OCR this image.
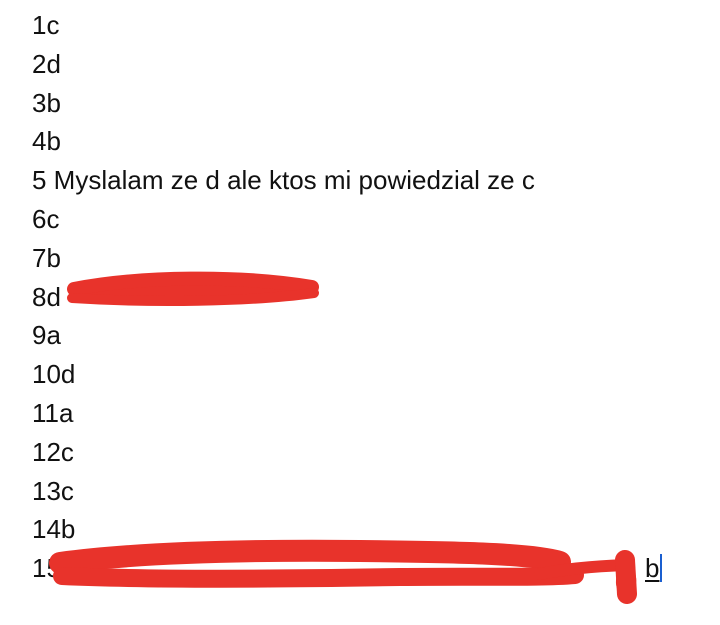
1c
2d
3b
4b
5 Myslalam ze d ale ktos mi powiedzial ze c
6c
7b
8d
9a
10d
11a
12c
13c
14b
15	b
